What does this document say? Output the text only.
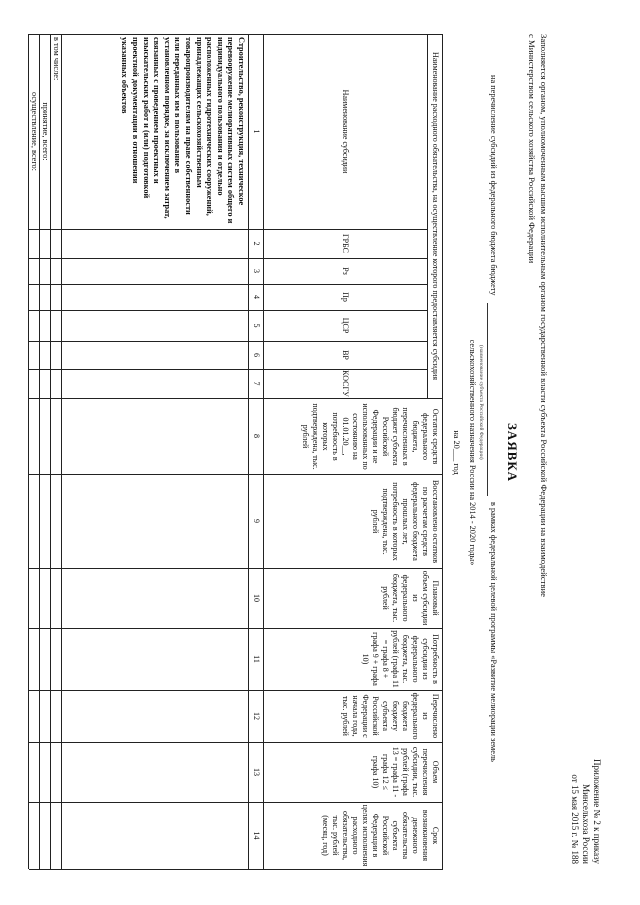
Приложение № 2 к приказу
Минсельхоза России
от 15 мая 2015 г. № 188
Заполняется органом, уполномоченным высшим исполнительным органом государственной власти субъекта Российской Федерации на взаимодействие
с Министерством сельского хозяйства Российской Федерации
ЗАЯВКА
на перечисление субсидий из федерального бюджета бюджету
в рамках федеральной целевой программы «Развитие мелиорации земель
(наименование субъекта Российской Федерации)
сельскохозяйственного назначения России на 2014 - 2020 годы»
на 20___ год
Наименование расходного обязательства, на осуществление которого предоставляется субсидия
Наименование субсидии
ГРБС
Рз
Пр
ЦСР
ВР
КОСГУ
Остаток средств федерального бюджета, перечисленных в бюджет субъекта Российской Федерации и не использованных по состоянию на 01.01.20__, потребность в которых подтверждена, тыс. рублей
Восстановлено остатков по расчетам средств федерального бюджета прошлых лет, потребность в которых подтверждена, тыс. рублей
Плановый объем субсидии из федерального бюджета, тыс. рублей
Потребность в субсидии из федерального бюджета, тыс. рублей (графа 11 = графа 8 + графа 9 + графа 10)
Перечислено из федерального бюджета бюджету субъекта Российской Федерации с начала года, тыс. рублей
Объем перечисления субсидии, тыс. рублей (графа 13 = графа 11 - графа 12 ≤ графа 10)
Срок возникновения денежного обязательства субъекта Российской Федерации в целях исполнения расходного обязательства, тыс. рублей (месяц, год)
1
2
3
4
5
6
7
8
9
10
11
12
13
14
Строительство, реконструкция, техническое перевооружение мелиоративных систем общего и индивидуального пользования и отдельно расположенных гидротехнических сооружений, принадлежащих сельскохозяйственным товаропроизводителям на праве собственности или переданных им в пользование в установленном порядке, за исключением затрат, связанных с проведением проектных и изыскательских работ и (или) подготовкой проектной документации в отношении указанных объектов
в том числе:
принятие, всего:
осуществление, всего:
